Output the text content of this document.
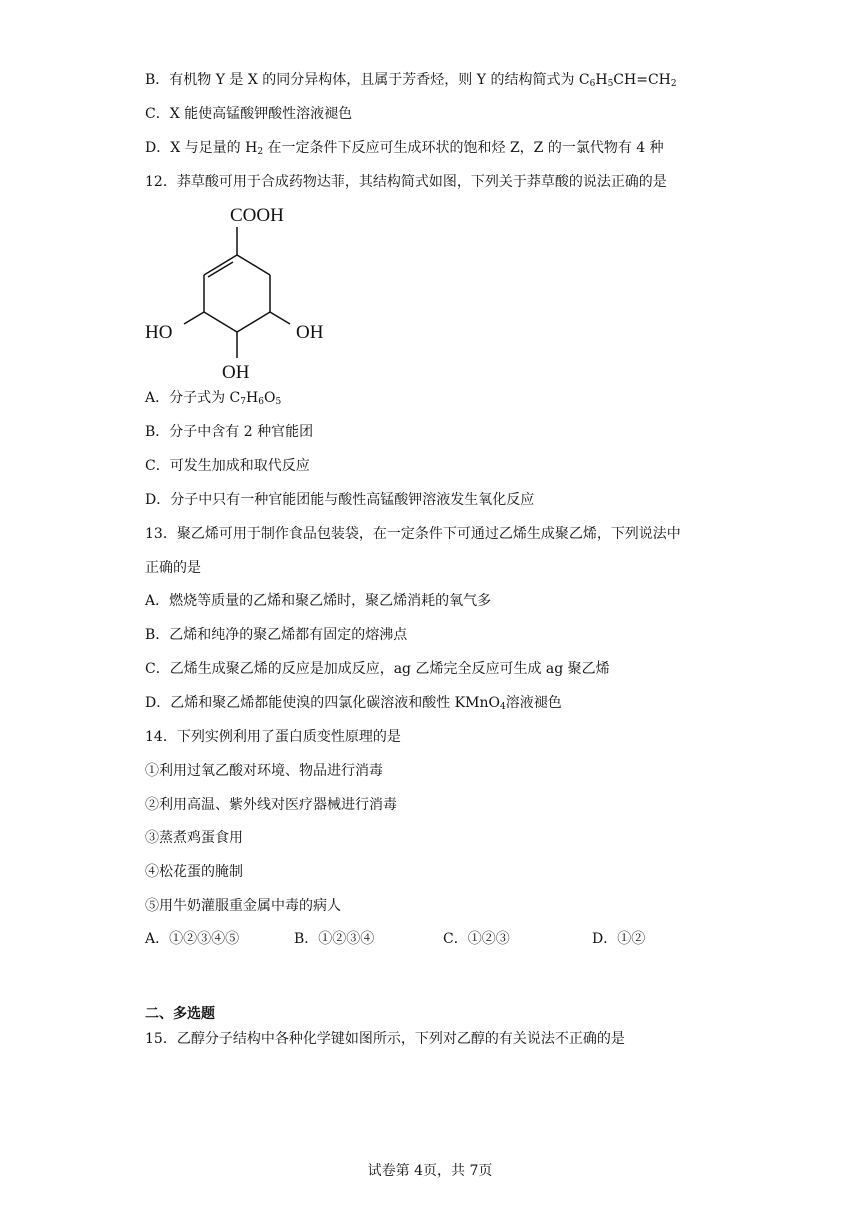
B．有机物 Y 是 X 的同分异构体，且属于芳香烃，则 Y 的结构简式为 $C_6H_5CH=CH_2$
C．X 能使高锰酸钾酸性溶液褪色
D．X 与足量的 $H_2$ 在一定条件下反应可生成环状的饱和烃 Z，Z 的一氯代物有 4 种
12．莽草酸可用于合成药物达菲，其结构简式如图，下列关于莽草酸的说法正确的是
COOH
HO	OH
OH
A．分子式为 $C_7H_6O_5$
B．分子中含有 2 种官能团
C．可发生加成和取代反应
D．分子中只有一种官能团能与酸性高锰酸钾溶液发生氧化反应
13．聚乙烯可用于制作食品包装袋，在一定条件下可通过乙烯生成聚乙烯，下列说法中
正确的是
A．燃烧等质量的乙烯和聚乙烯时，聚乙烯消耗的氧气多
B．乙烯和纯净的聚乙烯都有固定的熔沸点
C．乙烯生成聚乙烯的反应是加成反应，ag 乙烯完全反应可生成 ag 聚乙烯
D．乙烯和聚乙烯都能使溴的四氯化碳溶液和酸性 KMnO$_4$溶液褪色
14．下列实例利用了蛋白质变性原理的是
①利用过氧乙酸对环境、物品进行消毒
②利用高温、紫外线对医疗器械进行消毒
③蒸煮鸡蛋食用
④松花蛋的腌制
⑤用牛奶灌服重金属中毒的病人
A．①②③④⑤	B．①②③④	C．①②③	D．①②
二、多选题
15．乙醇分子结构中各种化学键如图所示，下列对乙醇的有关说法不正确的是
试卷第 4页，共 7页
